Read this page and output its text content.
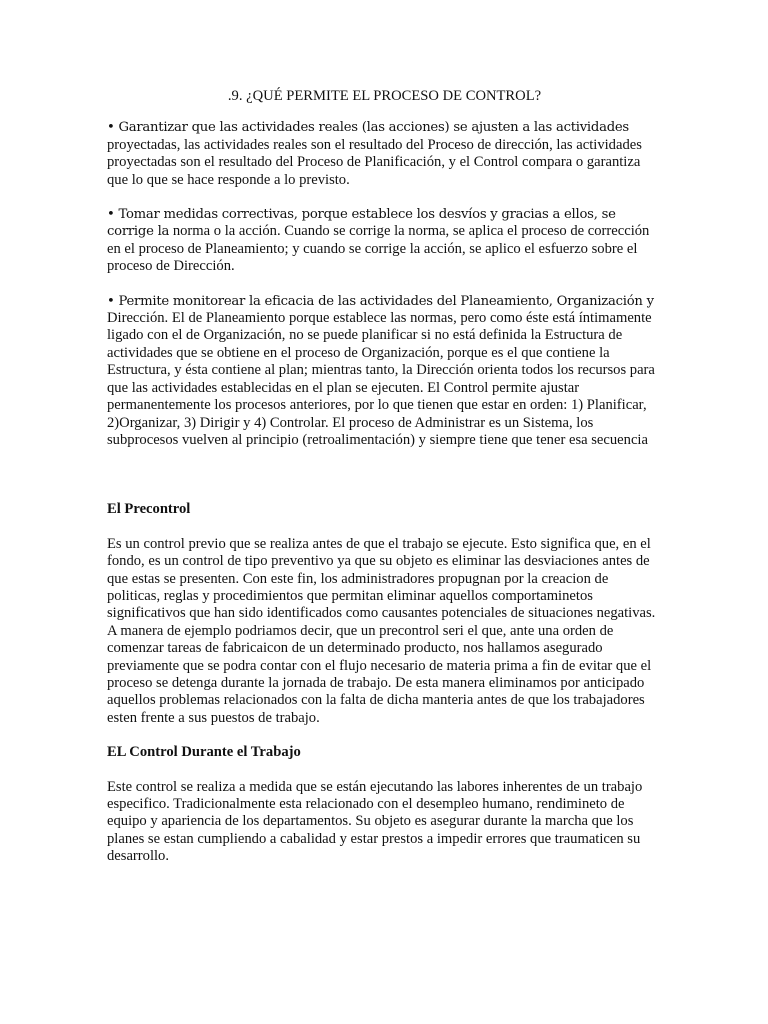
.9. ¿QUÉ PERMITE EL PROCESO DE CONTROL?

• Garantizar que las actividades reales (las acciones) se ajusten a las actividades proyectadas, las actividades reales son el resultado del Proceso de dirección, las actividades proyectadas son el resultado del Proceso de Planificación, y el Control compara o garantiza que lo que se hace responde a lo previsto.

• Tomar medidas correctivas, porque establece los desvíos y gracias a ellos, se corrige la norma o la acción. Cuando se corrige la norma, se aplica el proceso de corrección en el proceso de Planeamiento; y cuando se corrige la acción, se aplico el esfuerzo sobre el proceso de Dirección.

• Permite monitorear la eficacia de las actividades del Planeamiento, Organización y Dirección. El de Planeamiento porque establece las normas, pero como éste está íntimamente ligado con el de Organización, no se puede planificar si no está definida la Estructura de actividades que se obtiene en el proceso de Organización, porque es el que contiene la Estructura, y ésta contiene al plan; mientras tanto, la Dirección orienta todos los recursos para que las actividades establecidas en el plan se ejecuten. El Control permite ajustar permanentemente los procesos anteriores, por lo que tienen que estar en orden: 1) Planificar, 2)Organizar, 3) Dirigir y 4) Controlar. El proceso de Administrar es un Sistema, los subprocesos vuelven al principio (retroalimentación) y siempre tiene que tener esa secuencia

El Precontrol

Es un control previo que se realiza antes de que el trabajo se ejecute. Esto significa que, en el fondo, es un control de tipo preventivo ya que su objeto es eliminar las desviaciones antes de que estas se presenten. Con este fin, los administradores propugnan por la creacion de politicas, reglas y procedimientos que permitan eliminar aquellos comportaminetos significativos que han sido identificados como causantes potenciales de situaciones negativas. A manera de ejemplo podriamos decir, que un precontrol seri el que, ante una orden de comenzar tareas de fabricaicon de un determinado producto, nos hallamos asegurado previamente que se podra contar con el flujo necesario de materia prima a fin de evitar que el proceso se detenga durante la jornada de trabajo. De esta manera eliminamos por anticipado aquellos problemas relacionados con la falta de dicha manteria antes de que los trabajadores esten frente a sus puestos de trabajo.

EL Control Durante el Trabajo

Este control se realiza a medida que se están ejecutando las labores inherentes de un trabajo especifico. Tradicionalmente esta relacionado con el desempleo humano, rendimineto de equipo y apariencia de los departamentos. Su objeto es asegurar durante la marcha que los planes se estan cumpliendo a cabalidad y estar prestos a impedir errores que traumaticen su desarrollo.
